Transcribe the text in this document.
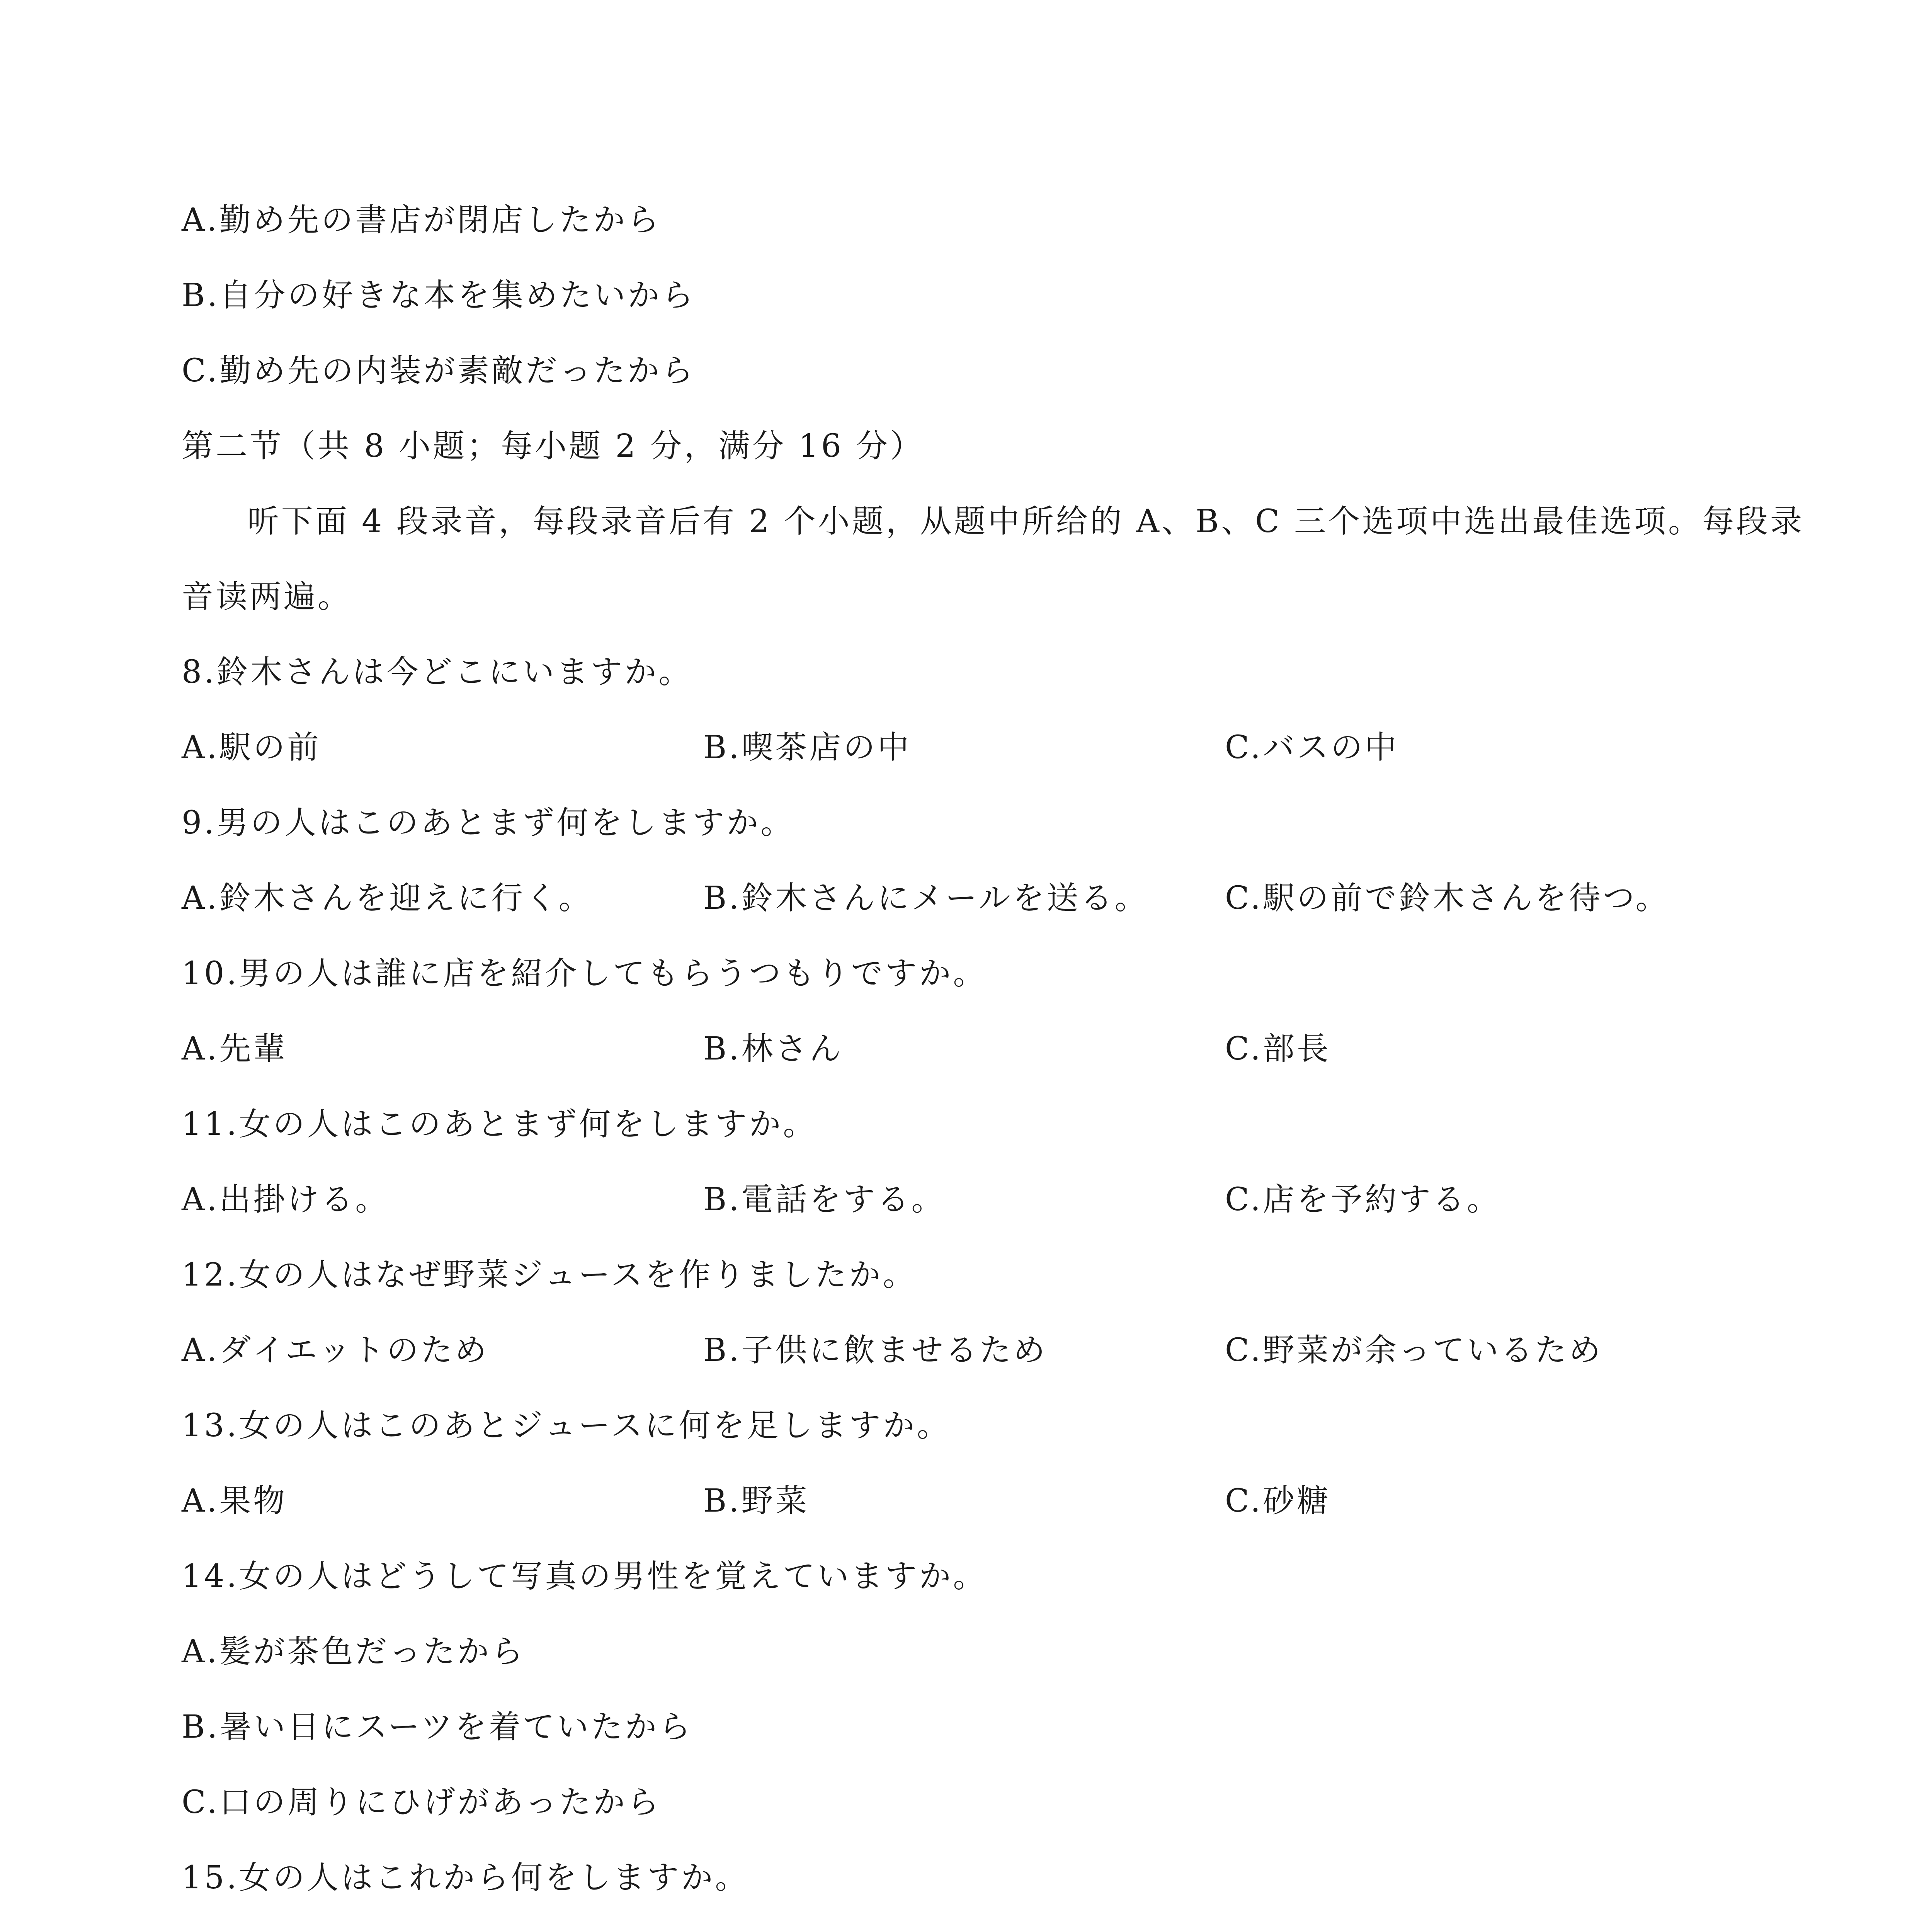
A.勤め先の書店が閉店したから
B.自分の好きな本を集めたいから
C.勤め先の内装が素敵だったから
第二节（共 8 小题；每小题 2 分，满分 16 分）
听下面 4 段录音，每段录音后有 2 个小题，从题中所给的 A、B、C 三个选项中选出最佳选项。每段录
音读两遍。
8.鈴木さんは今どこにいますか。
A.駅の前	B.喫茶店の中	C.バスの中
9.男の人はこのあとまず何をしますか。
A.鈴木さんを迎えに行く。	B.鈴木さんにメールを送る。 C.駅の前で鈴木さんを待つ。
10.男の人は誰に店を紹介してもらうつもりですか。
A.先輩	B.林さん	C.部長
11.女の人はこのあとまず何をしますか。
A.出掛ける。	B.電話をする。	C.店を予約する。
12.女の人はなぜ野菜ジュースを作りましたか。
A.ダイエットのため	B.子供に飲ませるため	C.野菜が余っているため
13.女の人はこのあとジュースに何を足しますか。
A.果物	B.野菜	C.砂糖
14.女の人はどうして写真の男性を覚えていますか。
A.髪が茶色だったから
B.暑い日にスーツを着ていたから
C.口の周りにひげがあったから
15.女の人はこれから何をしますか。
